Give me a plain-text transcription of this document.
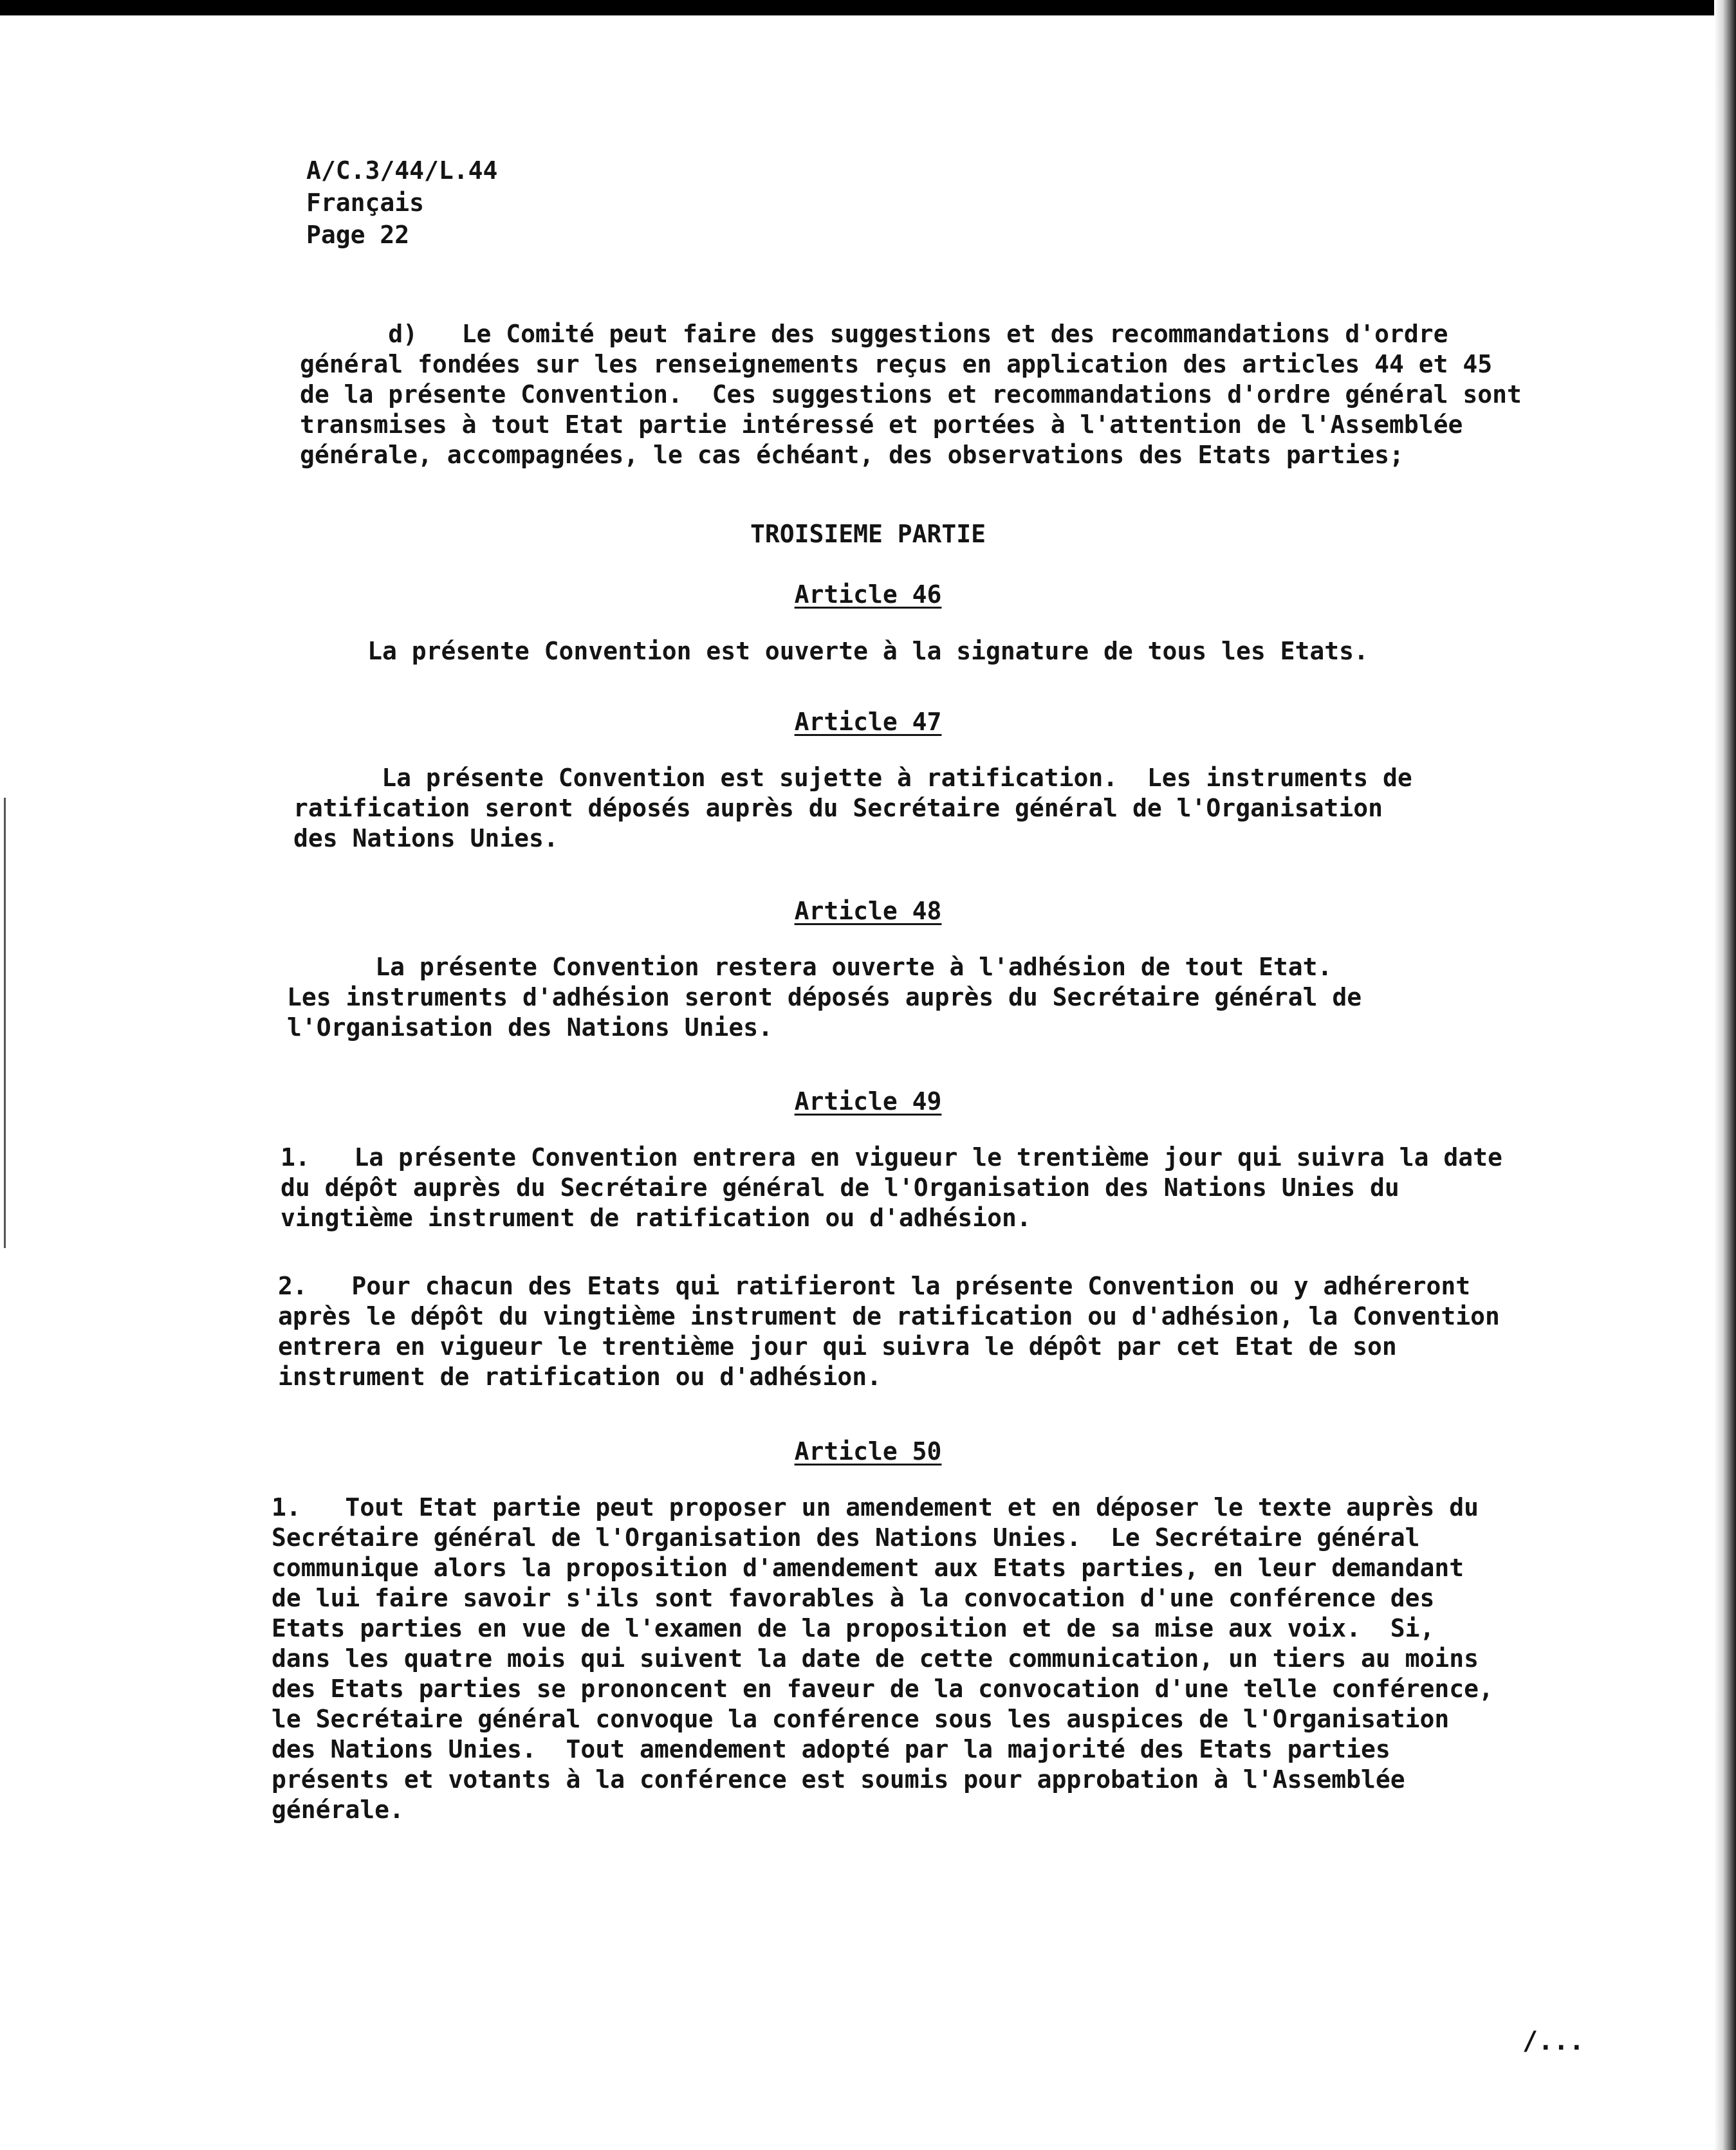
A/C.3/44/L.44
Français
Page 22
d)   Le Comité peut faire des suggestions et des recommandations d'ordre
général fondées sur les renseignements reçus en application des articles 44 et 45
de la présente Convention.  Ces suggestions et recommandations d'ordre général sont
transmises à tout Etat partie intéressé et portées à l'attention de l'Assemblée
générale, accompagnées, le cas échéant, des observations des Etats parties;
TROISIEME PARTIE
Article 46
La présente Convention est ouverte à la signature de tous les Etats.
Article 47
La présente Convention est sujette à ratification.  Les instruments de
ratification seront déposés auprès du Secrétaire général de l'Organisation
des Nations Unies.
Article 48
La présente Convention restera ouverte à l'adhésion de tout Etat.
Les instruments d'adhésion seront déposés auprès du Secrétaire général de
l'Organisation des Nations Unies.
Article 49
1.   La présente Convention entrera en vigueur le trentième jour qui suivra la date
du dépôt auprès du Secrétaire général de l'Organisation des Nations Unies du
vingtième instrument de ratification ou d'adhésion.
2.   Pour chacun des Etats qui ratifieront la présente Convention ou y adhéreront
après le dépôt du vingtième instrument de ratification ou d'adhésion, la Convention
entrera en vigueur le trentième jour qui suivra le dépôt par cet Etat de son
instrument de ratification ou d'adhésion.
Article 50
1.   Tout Etat partie peut proposer un amendement et en déposer le texte auprès du
Secrétaire général de l'Organisation des Nations Unies.  Le Secrétaire général
communique alors la proposition d'amendement aux Etats parties, en leur demandant
de lui faire savoir s'ils sont favorables à la convocation d'une conférence des
Etats parties en vue de l'examen de la proposition et de sa mise aux voix.  Si,
dans les quatre mois qui suivent la date de cette communication, un tiers au moins
des Etats parties se prononcent en faveur de la convocation d'une telle conférence,
le Secrétaire général convoque la conférence sous les auspices de l'Organisation
des Nations Unies.  Tout amendement adopté par la majorité des Etats parties
présents et votants à la conférence est soumis pour approbation à l'Assemblée
générale.
/...
